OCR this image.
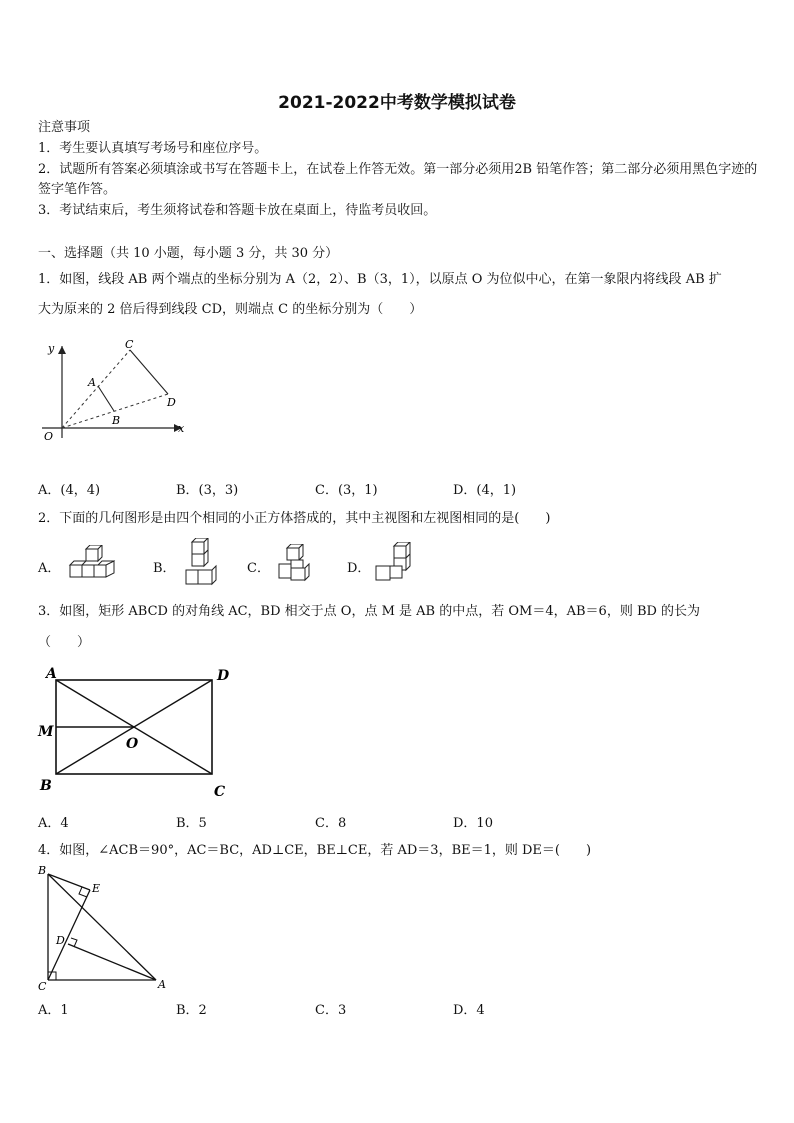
2021-2022中考数学模拟试卷
注意事项
1．考生要认真填写考场号和座位序号。
2．试题所有答案必须填涂或书写在答题卡上，在试卷上作答无效。第一部分必须用2B 铅笔作答；第二部分必须用黑色字迹的签字笔作答。
3．考试结束后，考生须将试卷和答题卡放在桌面上，待监考员收回。
一、选择题（共 10 小题，每小题 3 分，共 30 分）
1．如图，线段 AB 两个端点的坐标分别为 A（2，2）、B（3，1），以原点 O 为位似中心，在第一象限内将线段 AB 扩
大为原来的 2 倍后得到线段 CD，则端点 C 的坐标分别为（　　）
y
x
O
A
B
C
D
A．(4，4)	B．(3，3)	C．(3，1)	D．(4，1)
2．下面的几何图形是由四个相同的小正方体搭成的，其中主视图和左视图相同的是(　　)
A．	B．	C．	D．
3．如图，矩形 ABCD 的对角线 AC，BD 相交于点 O，点 M 是 AB 的中点，若 OM＝4，AB＝6，则 BD 的长为
（　　）
A	D
M
O
B	C
A．4	B．5	C．8	D．10
4．如图，∠ACB＝90°，AC＝BC，AD⊥CE，BE⊥CE，若 AD＝3，BE＝1，则 DE＝(　　)
B
E
D
C	A
A．1	B．2	C．3	D．4
